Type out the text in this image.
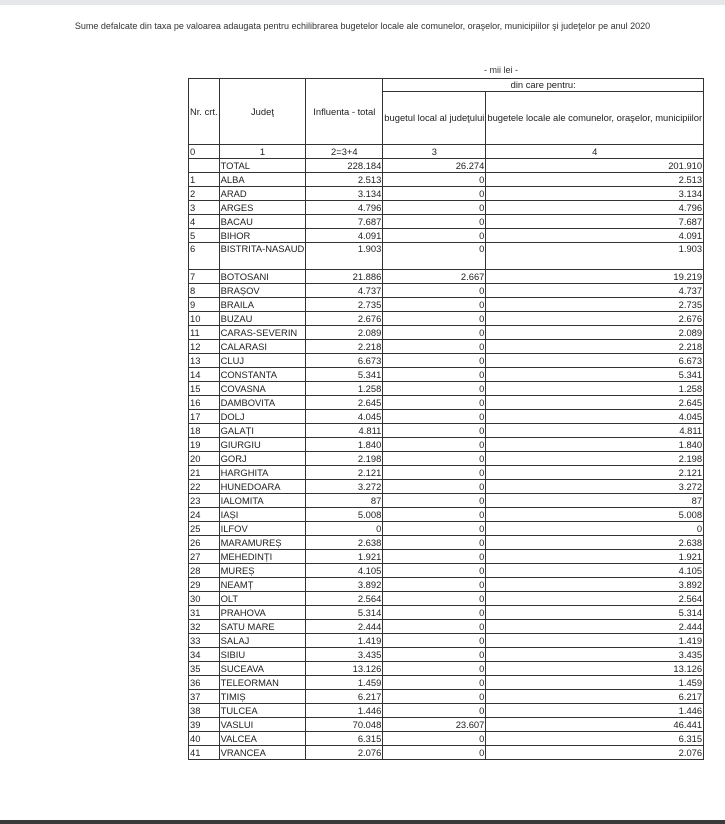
Sume defalcate din taxa pe valoarea adaugata pentru echilibrarea bugetelor locale ale comunelor, oraşelor, municipiilor şi judeţelor pe anul 2020
- mii lei -
Nr. crt.	Judeţ	Influenta - total	din care pentru:	
			bugetul local al judeţului	bugetele locale ale comunelor, oraşelor, municipiilor
0	1	2=3+4	3	4
	TOTAL	228.184	26.274	201.910
1	ALBA	2.513	0	2.513
2	ARAD	3.134	0	3.134
3	ARGES	4.796	0	4.796
4	BACAU	7.687	0	7.687
5	BIHOR	4.091	0	4.091
6	BISTRITA-NASAUD	1.903	0	1.903
7	BOTOSANI	21.886	2.667	19.219
8	BRAȘOV	4.737	0	4.737
9	BRAILA	2.735	0	2.735
10	BUZAU	2.676	0	2.676
11	CARAS-SEVERIN	2.089	0	2.089
12	CALARASI	2.218	0	2.218
13	CLUJ	6.673	0	6.673
14	CONSTANTA	5.341	0	5.341
15	COVASNA	1.258	0	1.258
16	DAMBOVITA	2.645	0	2.645
17	DOLJ	4.045	0	4.045
18	GALAȚI	4.811	0	4.811
19	GIURGIU	1.840	0	1.840
20	GORJ	2.198	0	2.198
21	HARGHITA	2.121	0	2.121
22	HUNEDOARA	3.272	0	3.272
23	IALOMITA	87	0	87
24	IAȘI	5.008	0	5.008
25	ILFOV	0	0	0
26	MARAMUREȘ	2.638	0	2.638
27	MEHEDINȚI	1.921	0	1.921
28	MUREȘ	4.105	0	4.105
29	NEAMȚ	3.892	0	3.892
30	OLT	2.564	0	2.564
31	PRAHOVA	5.314	0	5.314
32	SATU MARE	2.444	0	2.444
33	SALAJ	1.419	0	1.419
34	SIBIU	3.435	0	3.435
35	SUCEAVA	13.126	0	13.126
36	TELEORMAN	1.459	0	1.459
37	TIMIȘ	6.217	0	6.217
38	TULCEA	1.446	0	1.446
39	VASLUI	70.048	23.607	46.441
40	VALCEA	6.315	0	6.315
41	VRANCEA	2.076	0	2.076
